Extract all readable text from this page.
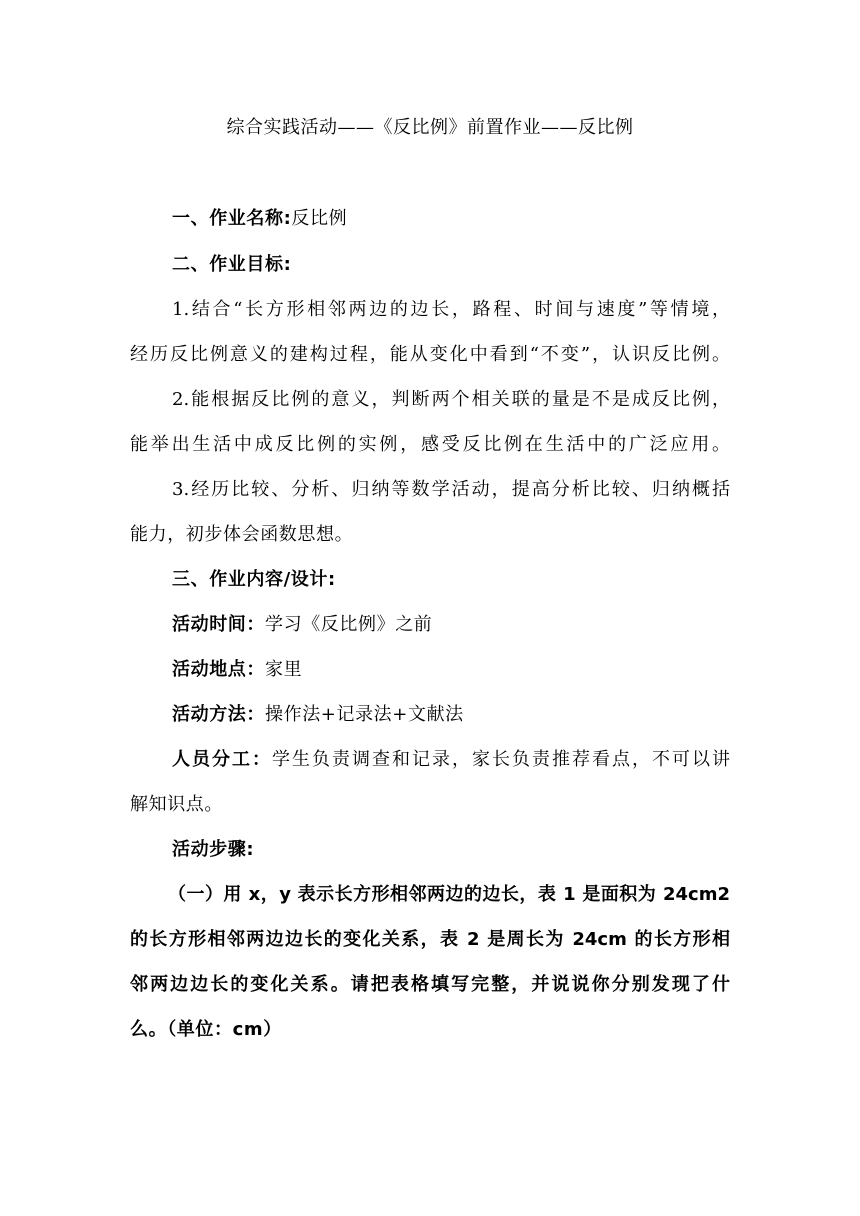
综合实践活动——《反比例》前置作业——反比例
一、作业名称:反比例
二、作业目标:
1.结合“长方形相邻两边的边长，路程、时间与速度”等情境，
经历反比例意义的建构过程，能从变化中看到“不变”，认识反比例。
2.能根据反比例的意义，判断两个相关联的量是不是成反比例，
能举出生活中成反比例的实例，感受反比例在生活中的广泛应用。
3.经历比较、分析、归纳等数学活动，提高分析比较、归纳概括
能力，初步体会函数思想。
三、作业内容/设计:
活动时间：学习《反比例》之前
活动地点：家里
活动方法：操作法+记录法+文献法
人员分工：学生负责调查和记录，家长负责推荐看点，不可以讲
解知识点。
活动步骤:
（一）用 x，y 表示长方形相邻两边的边长，表 1 是面积为 24cm2
的长方形相邻两边边长的变化关系，表 2 是周长为 24cm 的长方形相
邻两边边长的变化关系。请把表格填写完整，并说说你分别发现了什
么。（单位：cm）
